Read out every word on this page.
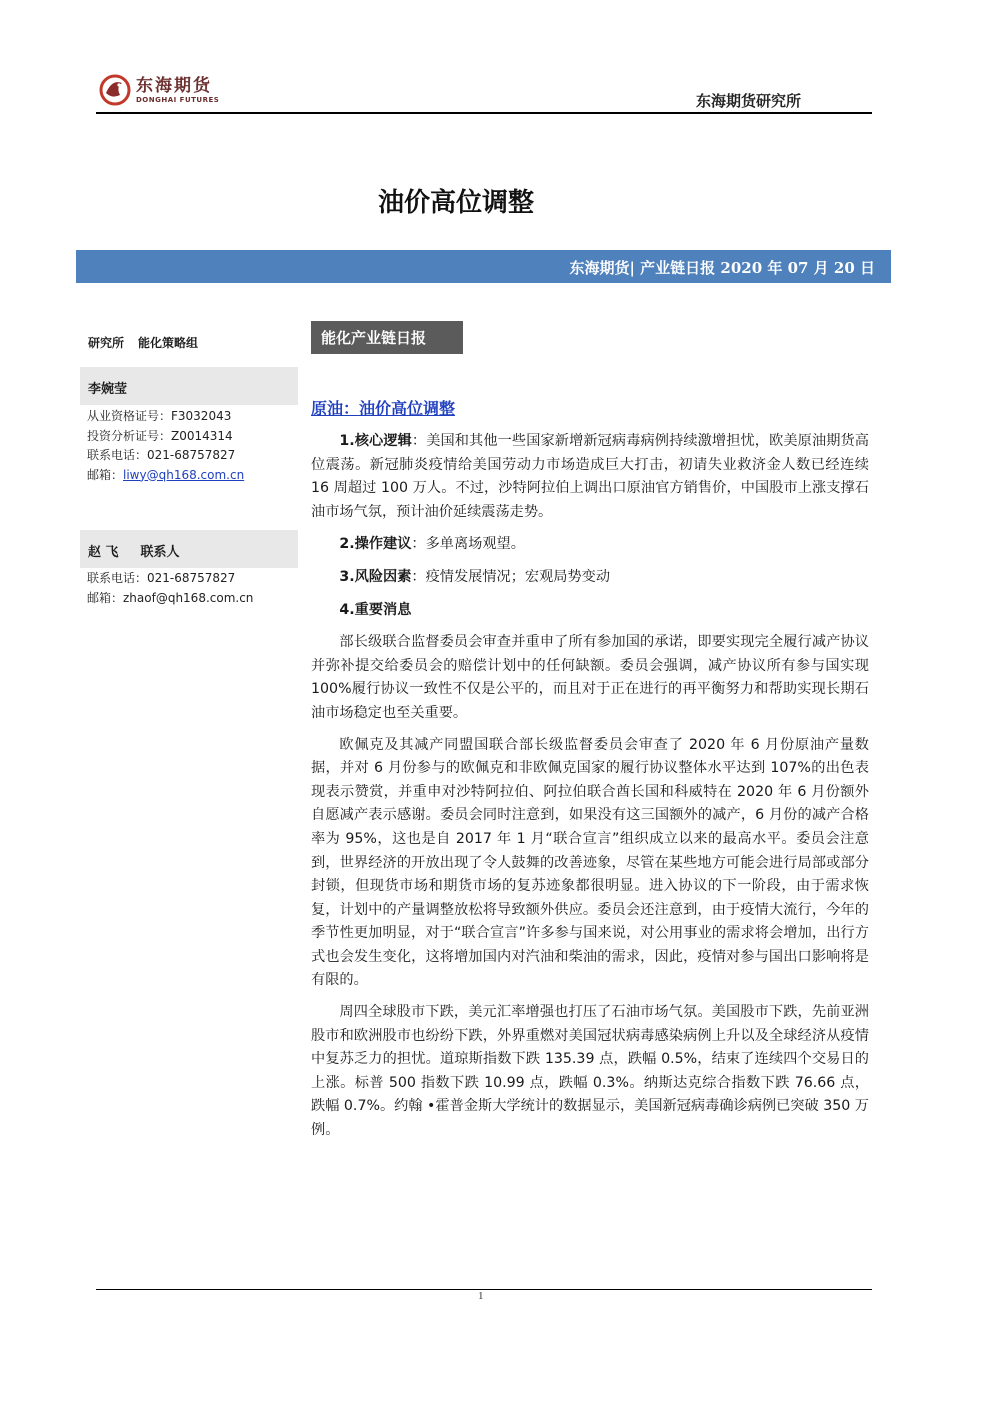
东海期货
DONGHAI FUTURES	东海期货研究所
油价高位调整
东海期货| 产业链日报 2020 年 07 月 20 日
研究所 能化策略组
李婉莹
从业资格证号：F3032043
投资分析证号：Z0014314
联系电话：021-68757827
邮箱：liwy@qh168.com.cn
赵 飞 联系人
联系电话：021-68757827
邮箱：zhaof@qh168.com.cn
能化产业链日报
原油：油价高位调整

1.核心逻辑：美国和其他一些国家新增新冠病毒病例持续激增担忧，欧美原油期货高位震荡。新冠肺炎疫情给美国劳动力市场造成巨大打击，初请失业救济金人数已经连续 16 周超过 100 万人。不过，沙特阿拉伯上调出口原油官方销售价，中国股市上涨支撑石油市场气氛，预计油价延续震荡走势。

2.操作建议：多单离场观望。

3.风险因素：疫情发展情况；宏观局势变动

4.重要消息

部长级联合监督委员会审查并重申了所有参加国的承诺，即要实现完全履行减产协议并弥补提交给委员会的赔偿计划中的任何缺额。委员会强调，减产协议所有参与国实现 100%履行协议一致性不仅是公平的，而且对于正在进行的再平衡努力和帮助实现长期石油市场稳定也至关重要。

欧佩克及其减产同盟国联合部长级监督委员会审查了 2020 年 6 月份原油产量数据，并对 6 月份参与的欧佩克和非欧佩克国家的履行协议整体水平达到 107%的出色表现表示赞赏，并重申对沙特阿拉伯、阿拉伯联合酋长国和科威特在 2020 年 6 月份额外自愿减产表示感谢。委员会同时注意到，如果没有这三国额外的减产，6 月份的减产合格率为 95%，这也是自 2017 年 1 月“联合宣言”组织成立以来的最高水平。委员会注意到，世界经济的开放出现了令人鼓舞的改善迹象，尽管在某些地方可能会进行局部或部分封锁，但现货市场和期货市场的复苏迹象都很明显。进入协议的下一阶段，由于需求恢复，计划中的产量调整放松将导致额外供应。委员会还注意到，由于疫情大流行，今年的季节性更加明显，对于“联合宣言”许多参与国来说，对公用事业的需求将会增加，出行方式也会发生变化，这将增加国内对汽油和柴油的需求，因此，疫情对参与国出口影响将是有限的。

周四全球股市下跌，美元汇率增强也打压了石油市场气氛。美国股市下跌，先前亚洲股市和欧洲股市也纷纷下跌，外界重燃对美国冠状病毒感染病例上升以及全球经济从疫情中复苏乏力的担忧。道琼斯指数下跌 135.39 点，跌幅 0.5%，结束了连续四个交易日的上涨。标普 500 指数下跌 10.99 点，跌幅 0.3%。纳斯达克综合指数下跌 76.66 点，跌幅 0.7%。约翰 •霍普金斯大学统计的数据显示，美国新冠病毒确诊病例已突破 350 万例。

1
